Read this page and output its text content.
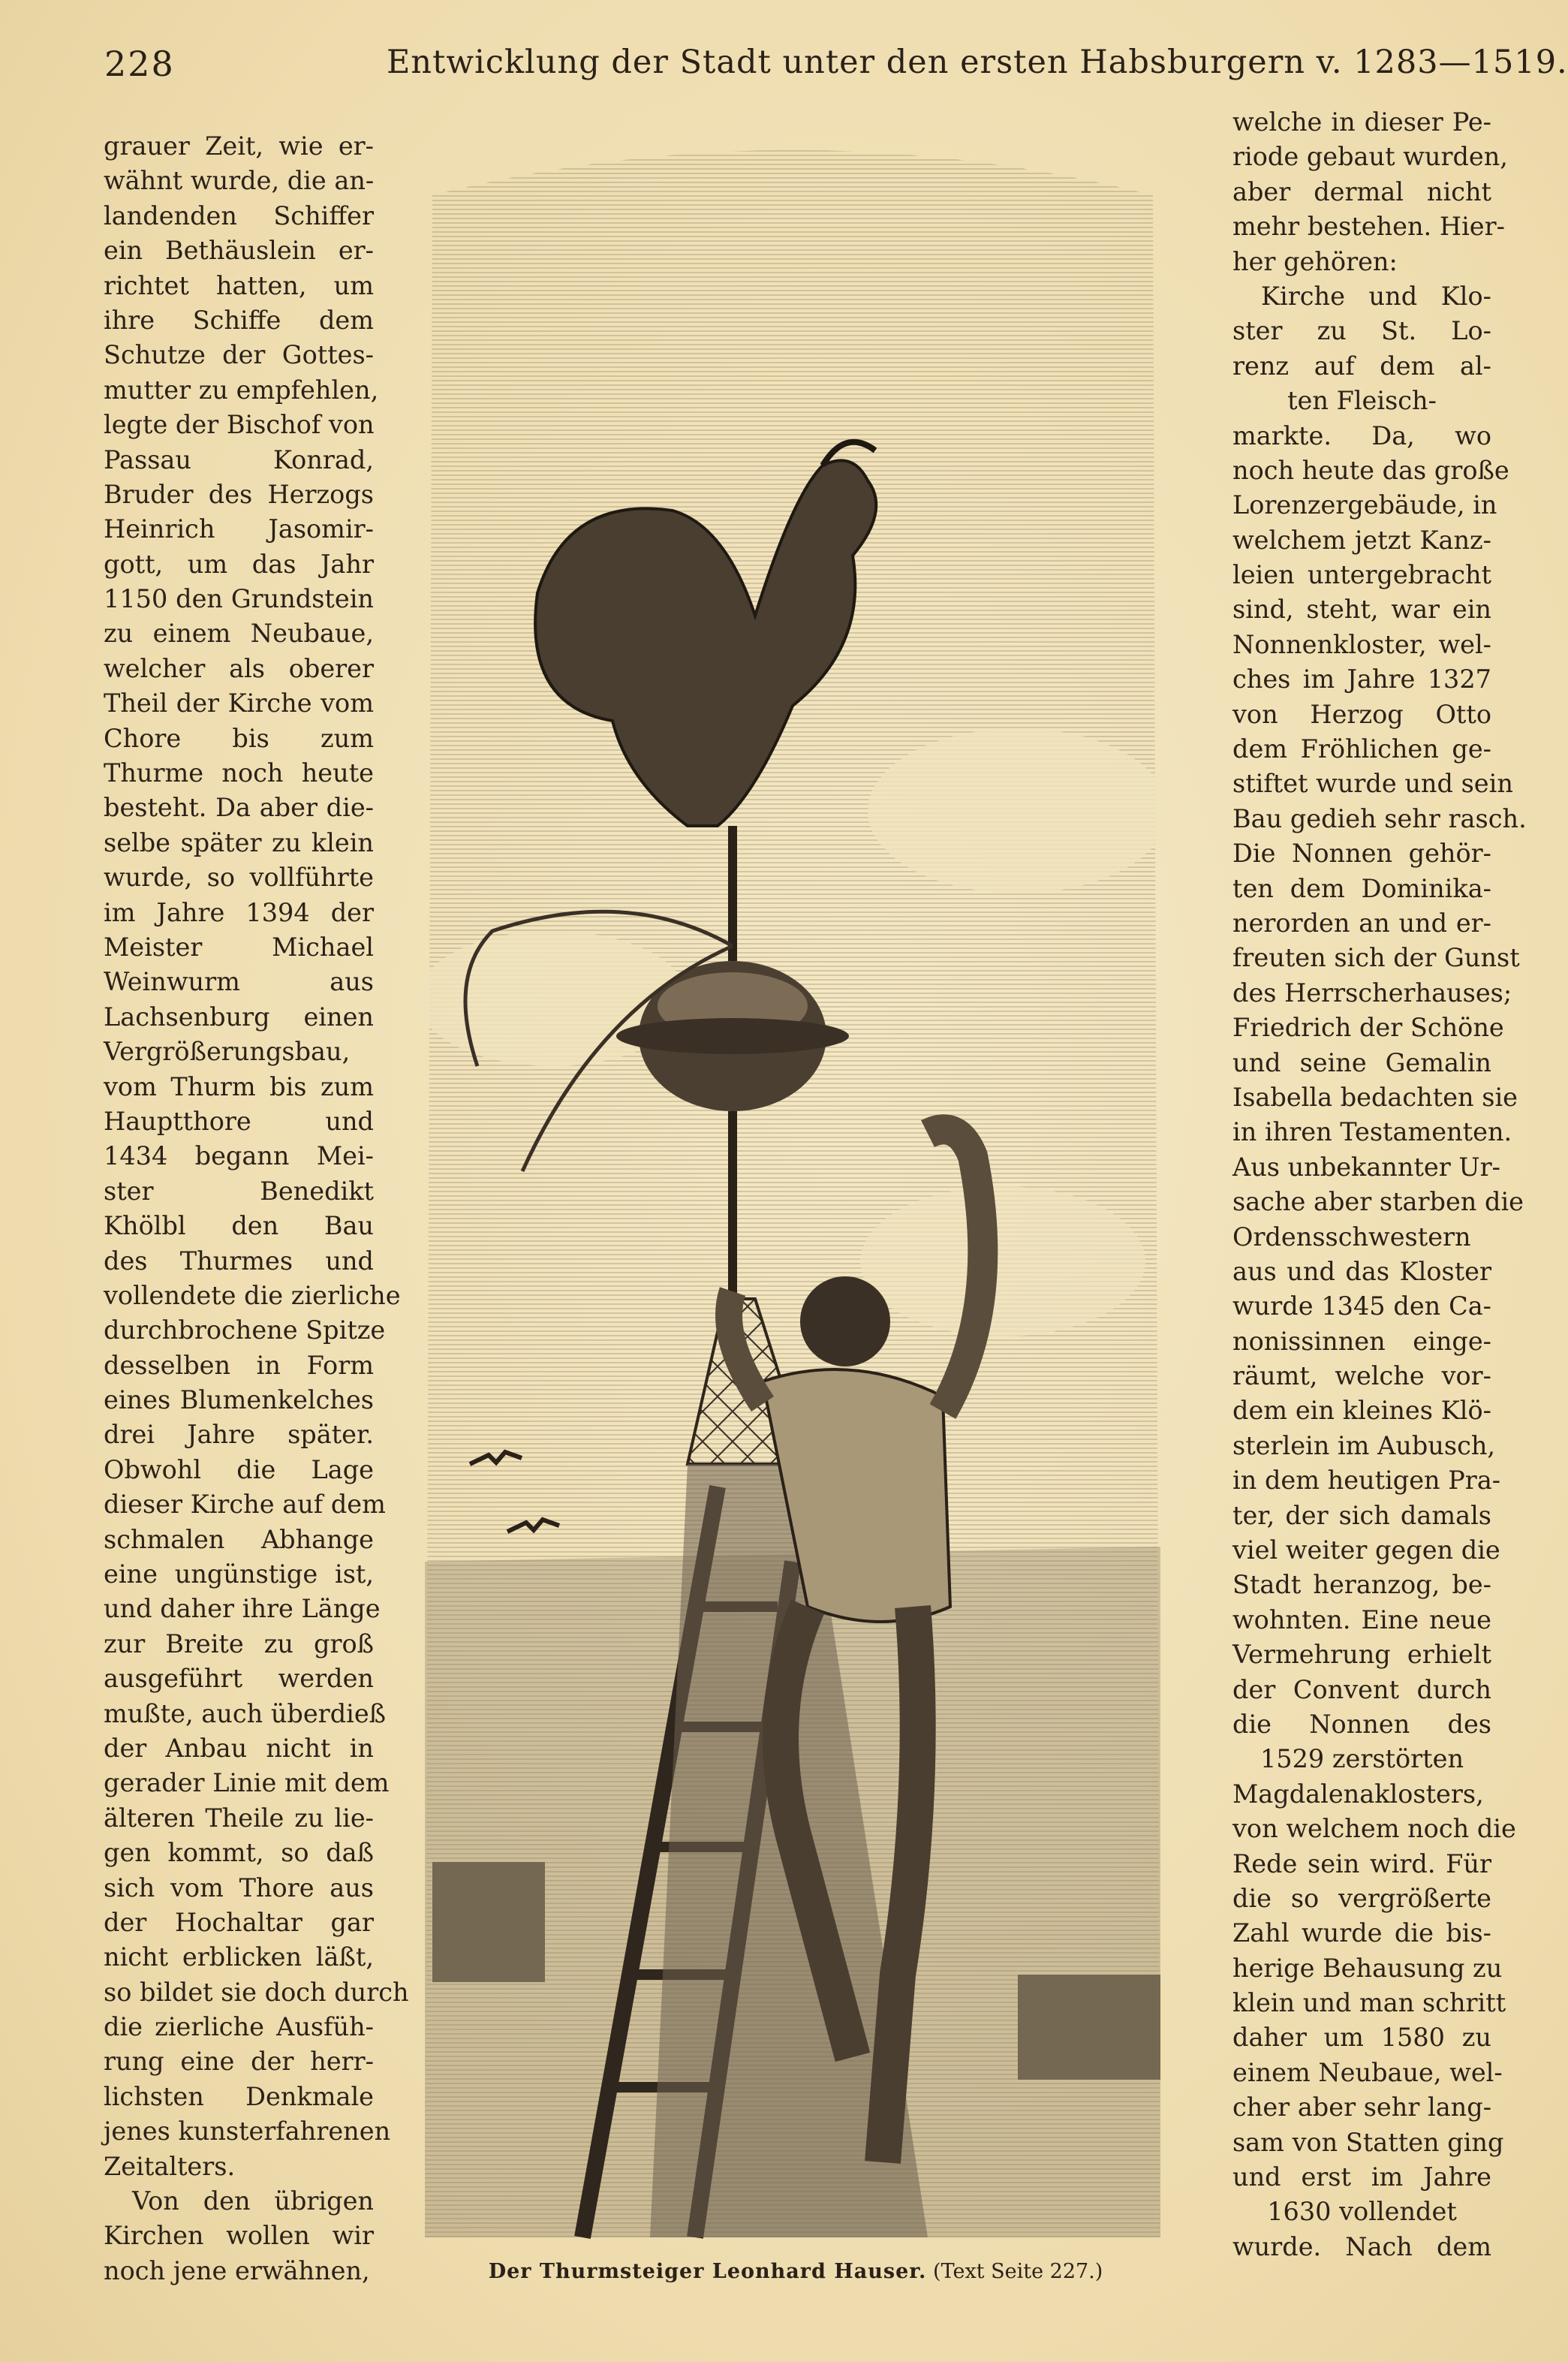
228	Entwicklung der Stadt unter den ersten Habsburgern v. 1283—1519.
grauer Zeit, wie er-
wähnt wurde, die an-
landenden Schiffer
ein Bethäuslein er-
richtet hatten, um
ihre Schiffe dem
Schutze der Gottes-
mutter zu empfehlen,
legte der Bischof von
Passau Konrad,
Bruder des Herzogs
Heinrich Jasomir-
gott, um das Jahr
1150 den Grundstein
zu einem Neubaue,
welcher als oberer
Theil der Kirche vom
Chore bis zum
Thurme noch heute
besteht. Da aber die-
selbe später zu klein
wurde, so vollführte
im Jahre 1394 der
Meister Michael
Weinwurm aus
Lachsenburg einen
Vergrößerungsbau,
vom Thurm bis zum
Hauptthore und
1434 begann Mei-
ster Benedikt
Khölbl den Bau
des Thurmes und
vollendete die zierliche
durchbrochene Spitze
desselben in Form
eines Blumenkelches
drei Jahre später.
Obwohl die Lage
dieser Kirche auf dem
schmalen Abhange
eine ungünstige ist,
und daher ihre Länge
zur Breite zu groß
ausgeführt werden
mußte, auch überdieß
der Anbau nicht in
gerader Linie mit dem
älteren Theile zu lie-
gen kommt, so daß
sich vom Thore aus
der Hochaltar gar
nicht erblicken läßt,
so bildet sie doch durch
die zierliche Ausfüh-
rung eine der herr-
lichsten Denkmale
jenes kunsterfahrenen
Zeitalters.
Von den übrigen
Kirchen wollen wir
noch jene erwähnen,
welche in dieser Pe-
riode gebaut wurden,
aber dermal nicht
mehr bestehen. Hier-
her gehören:
Kirche und Klo-
ster zu St. Lo-
renz auf dem al-
ten Fleisch-
markte. Da, wo
noch heute das große
Lorenzergebäude, in
welchem jetzt Kanz-
leien untergebracht
sind, steht, war ein
Nonnenkloster, wel-
ches im Jahre 1327
von Herzog Otto
dem Fröhlichen ge-
stiftet wurde und sein
Bau gedieh sehr rasch.
Die Nonnen gehör-
ten dem Dominika-
nerorden an und er-
freuten sich der Gunst
des Herrscherhauses;
Friedrich der Schöne
und seine Gemalin
Isabella bedachten sie
in ihren Testamenten.
Aus unbekannter Ur-
sache aber starben die
Ordensschwestern
aus und das Kloster
wurde 1345 den Ca-
nonissinnen einge-
räumt, welche vor-
dem ein kleines Klö-
sterlein im Aubusch,
in dem heutigen Pra-
ter, der sich damals
viel weiter gegen die
Stadt heranzog, be-
wohnten. Eine neue
Vermehrung erhielt
der Convent durch
die Nonnen des
1529 zerstörten
Magdalenaklosters,
von welchem noch die
Rede sein wird. Für
die so vergrößerte
Zahl wurde die bis-
herige Behausung zu
klein und man schritt
daher um 1580 zu
einem Neubaue, wel-
cher aber sehr lang-
sam von Statten ging
und erst im Jahre
1630 vollendet
wurde. Nach dem
Der Thurmsteiger Leonhard Hauser. (Text Seite 227.)
